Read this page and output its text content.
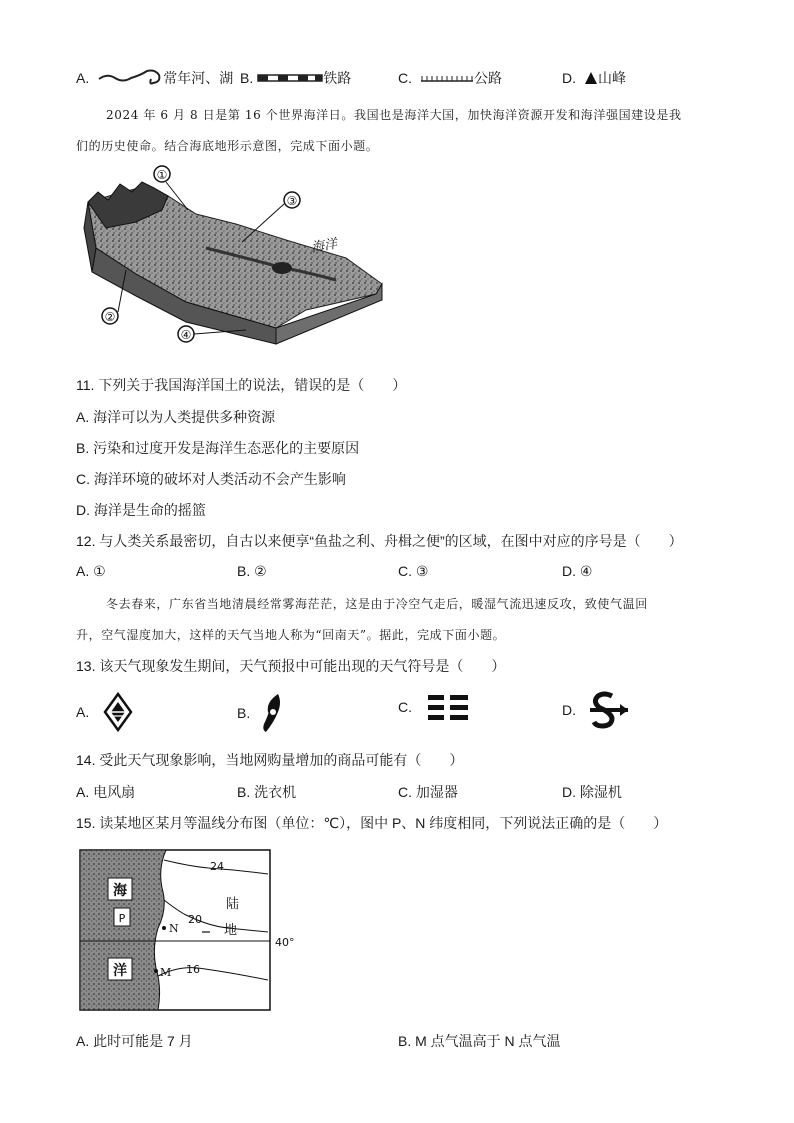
A.	常年河、湖 B.	铁路	C.	公路	D. 山峰
2024 年 6 月 8 日是第 16 个世界海洋日。我国也是海洋大国，加快海洋资源开发和海洋强国建设是我
们的历史使命。结合海底地形示意图，完成下面小题。
①
②
③
④
海洋
11. 下列关于我国海洋国土的说法，错误的是（　　）
A. 海洋可以为人类提供多种资源
B. 污染和过度开发是海洋生态恶化的主要原因
C. 海洋环境的破坏对人类活动不会产生影响
D. 海洋是生命的摇篮
12. 与人类关系最密切，自古以来便享“鱼盐之利、舟楫之便”的区域，在图中对应的序号是（　　）
A. ①	B. ②	C. ③	D. ④
冬去春来，广东省当地清晨经常雾海茫茫，这是由于冷空气走后，暖湿气流迅速反攻，致使气温回
升，空气湿度加大，这样的天气当地人称为“回南天”。据此，完成下面小题。
13. 该天气现象发生期间，天气预报中可能出现的天气符号是（　　）
A.	B.	C.	D.
14. 受此天气现象影响，当地网购量增加的商品可能有（　　）
A. 电风扇	B. 洗衣机	C. 加湿器	D. 除湿机
15. 读某地区某月等温线分布图（单位：℃），图中 P、N 纬度相同，下列说法正确的是（　　）
40°
24
20
16
海
P
洋
N
M
陆
地
A. 此时可能是 7 月	B. M 点气温高于 N 点气温
